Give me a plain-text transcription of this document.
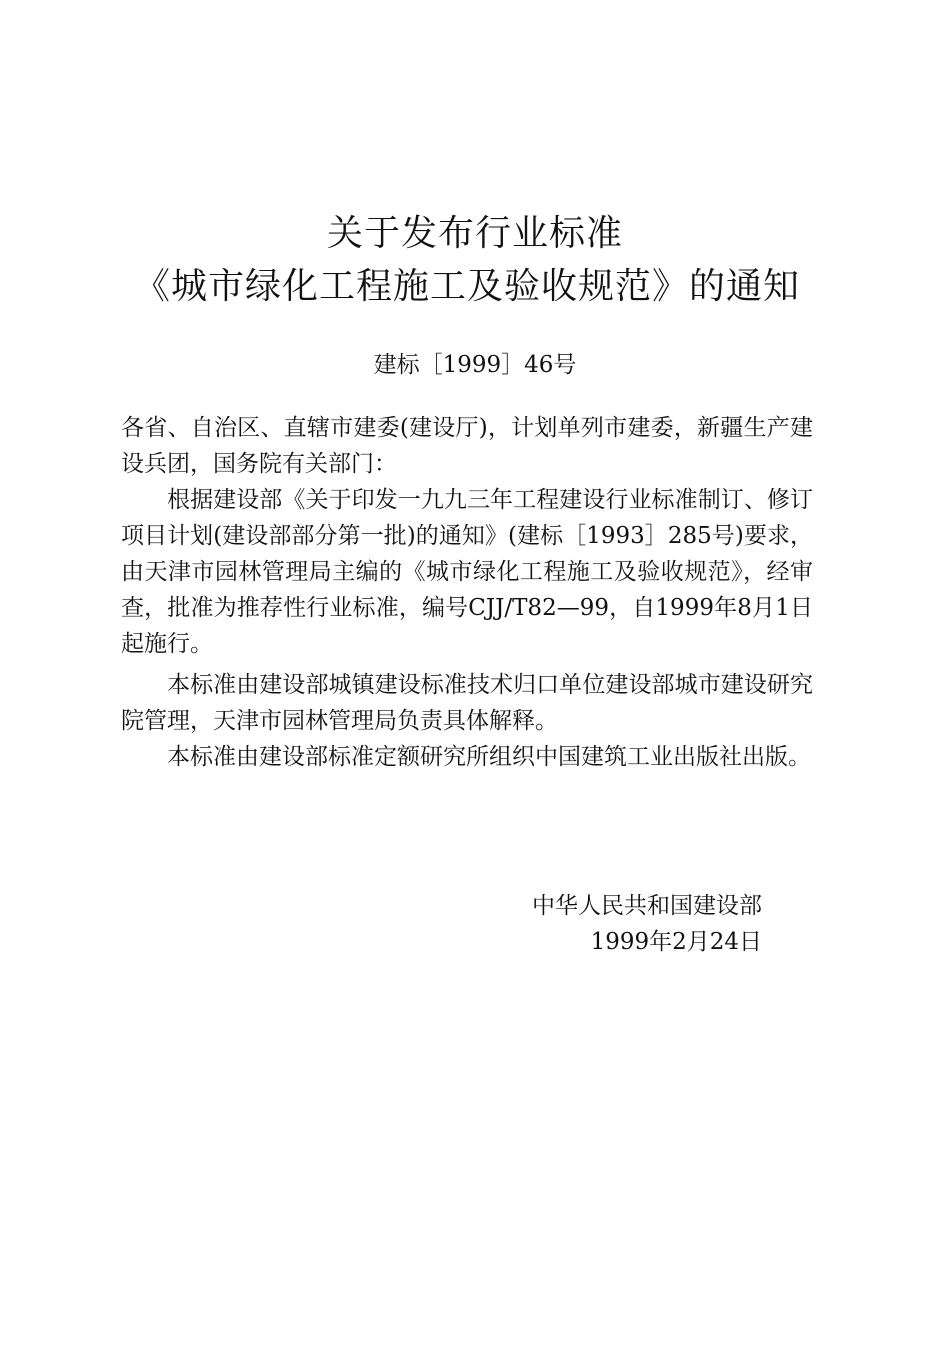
关于发布行业标准
《城市绿化工程施工及验收规范》的通知
建标［1999］46号
各省、自治区、直辖市建委(建设厅)，计划单列市建委，新疆生产建设兵团，国务院有关部门：
根据建设部《关于印发一九九三年工程建设行业标准制订、修订项目计划(建设部部分第一批)的通知》(建标［1993］285号)要求，由天津市园林管理局主编的《城市绿化工程施工及验收规范》，经审查，批准为推荐性行业标准，编号CJJ/T82—99，自1999年8月1日起施行。
本标准由建设部城镇建设标准技术归口单位建设部城市建设研究院管理，天津市园林管理局负责具体解释。
本标准由建设部标准定额研究所组织中国建筑工业出版社出版。
中华人民共和国建设部
1999年2月24日
